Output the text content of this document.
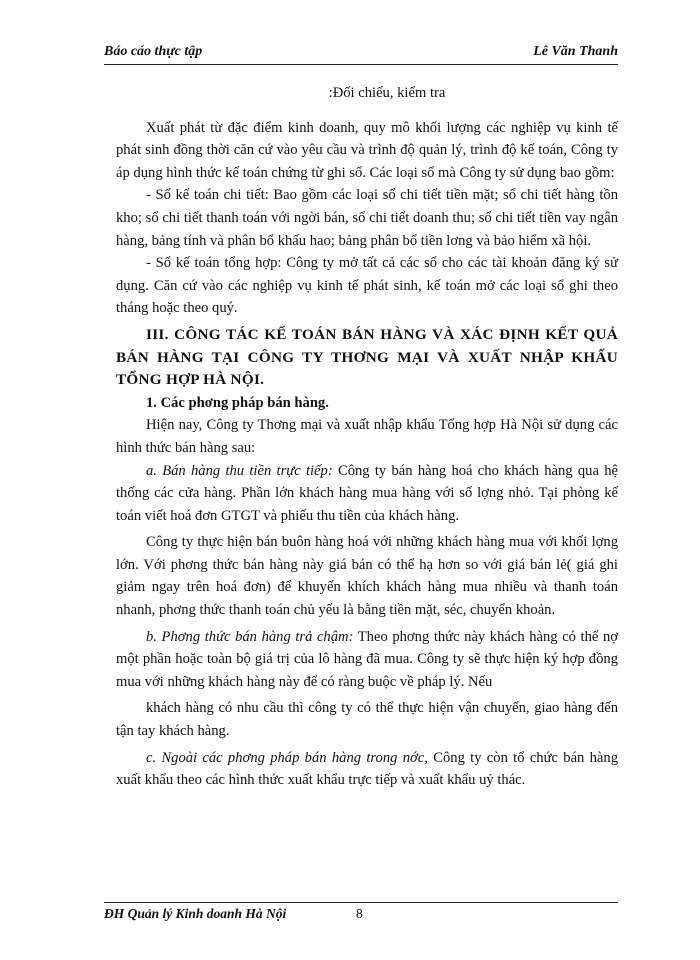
Báo cáo thực tập	Lê Văn Thanh

:Đối chiếu, kiểm tra

Xuất phát từ đặc điểm kinh doanh, quy mô khối lượng các nghiệp vụ kinh tế phát sinh đồng thời căn cứ vào yêu cầu và trình độ quản lý, trình độ kế toán, Công ty áp dụng hình thức kế toán chứng từ ghi sổ. Các loại sổ mà Công ty sử dụng bao gồm:

- Sổ kế toán chi tiết: Bao gồm các loại sổ chi tiết tiền mặt; sổ chi tiết hàng tồn kho; sổ chi tiết thanh toán với ngời bán, sổ chi tiết doanh thu; sổ chi tiết tiền vay ngân hàng, bảng tính và phân bổ khấu hao; bảng phân bổ tiền lơng và bảo hiểm xã hội.

- Sổ kế toán tổng hợp: Công ty mở tất cả các sổ cho các tài khoản đăng ký sử dụng. Căn cứ vào các nghiệp vụ kinh tế phát sinh, kế toán mở các loại sổ ghi theo tháng hoặc theo quý.

III. CÔNG TÁC KẾ TOÁN BÁN HÀNG VÀ XÁC ĐỊNH KẾT QUẢ BÁN HÀNG TẠI CÔNG TY THƠNG MẠI VÀ XUẤT NHẬP KHẨU TỔNG HỢP HÀ NỘI.

1. Các phơng pháp bán hàng.

Hiện nay, Công ty Thơng mại và xuất nhập khẩu Tổng hợp Hà Nội sử dụng các hình thức bán hàng sau:

a. Bán hàng thu tiền trực tiếp: Công ty bán hàng hoá cho khách hàng qua hệ thống các cửa hàng. Phần lớn khách hàng mua hàng với số lợng nhỏ. Tại phòng kế toán viết hoá đơn GTGT và phiếu thu tiền của khách hàng.

Công ty thực hiện bán buôn hàng hoá với những khách hàng mua với khối lợng lớn. Với phơng thức bán hàng này giá bán có thể hạ hơn so với giá bán lẻ( giá ghi giảm ngay trên hoá đơn) để khuyến khích khách hàng mua nhiều và thanh toán nhanh, phơng thức thanh toán chủ yếu là bằng tiền mặt, séc, chuyển khoản.

b. Phơng thức bán hàng trả chậm: Theo phơng thức này khách hàng có thể nợ một phần hoặc toàn bộ giá trị của lô hàng đã mua. Công ty sẽ thực hiện ký hợp đồng mua với những khách hàng này để có ràng buộc về pháp lý. Nếu

khách hàng có nhu cầu thì công ty có thể thực hiện vận chuyển, giao hàng đến tận tay khách hàng.

c. Ngoài các phơng pháp bán hàng trong nớc, Công ty còn tổ chức bán hàng xuất khẩu theo các hình thức xuất khẩu trực tiếp và xuất khẩu uỷ thác.

ĐH Quản lý Kinh doanh Hà Nội	8
